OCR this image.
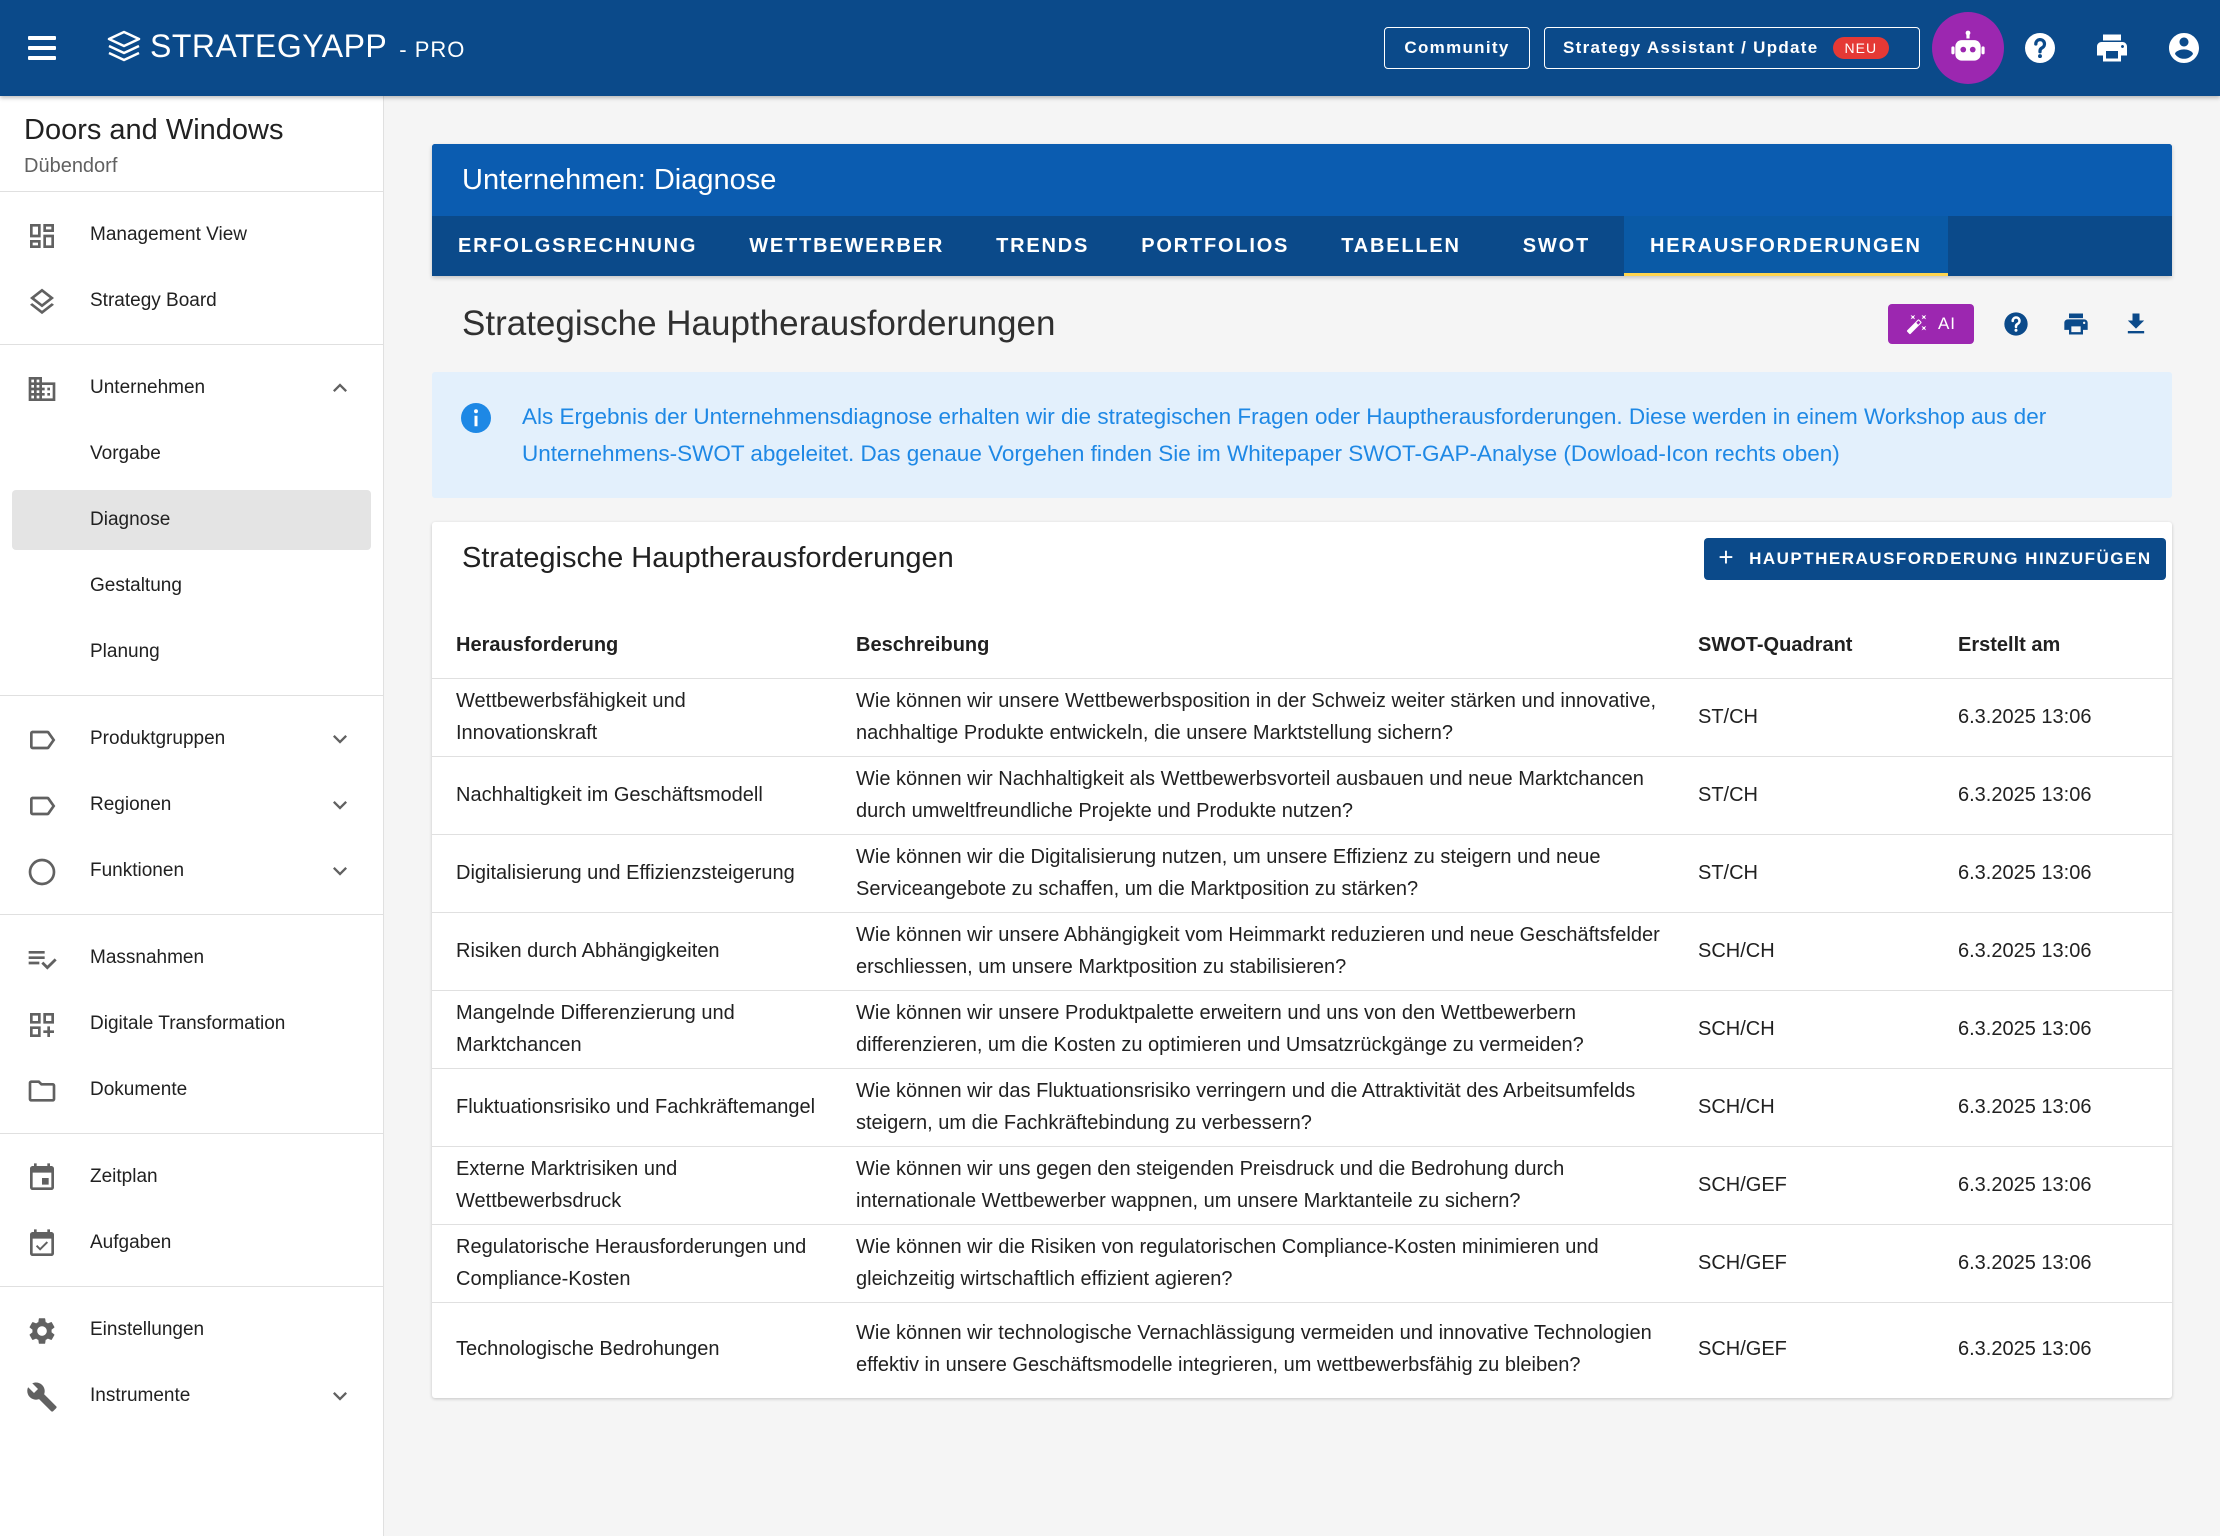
STRATEGYAPP - PRO	Community	Strategy Assistant / Update	NEU
Doors and Windows
Dübendorf
Management View
Strategy Board
Unternehmen
Vorgabe
Diagnose
Gestaltung
Planung
Produktgruppen
Regionen
Funktionen
Massnahmen
Digitale Transformation
Dokumente
Zeitplan
Aufgaben
Einstellungen
Instrumente
Unternehmen: Diagnose
ERFOLGSRECHNUNG	WETTBEWERBER	TRENDS	PORTFOLIOS	TABELLEN	SWOT	HERAUSFORDERUNGEN
Strategische Hauptherausforderungen	AI
Als Ergebnis der Unternehmensdiagnose erhalten wir die strategischen Fragen oder Hauptherausforderungen. Diese werden in einem Workshop aus der Unternehmens-SWOT abgeleitet. Das genaue Vorgehen finden Sie im Whitepaper SWOT-GAP-Analyse (Dowload-Icon rechts oben)
Strategische Hauptherausforderungen	+ HAUPTHERAUSFORDERUNG HINZUFÜGEN
Herausforderung	Beschreibung	SWOT-Quadrant	Erstellt am
Wettbewerbsfähigkeit und Innovationskraft	Wie können wir unsere Wettbewerbsposition in der Schweiz weiter stärken und innovative, nachhaltige Produkte entwickeln, die unsere Marktstellung sichern?	ST/CH	6.3.2025 13:06
Nachhaltigkeit im Geschäftsmodell	Wie können wir Nachhaltigkeit als Wettbewerbsvorteil ausbauen und neue Marktchancen durch umweltfreundliche Projekte und Produkte nutzen?	ST/CH	6.3.2025 13:06
Digitalisierung und Effizienzsteigerung	Wie können wir die Digitalisierung nutzen, um unsere Effizienz zu steigern und neue Serviceangebote zu schaffen, um die Marktposition zu stärken?	ST/CH	6.3.2025 13:06
Risiken durch Abhängigkeiten	Wie können wir unsere Abhängigkeit vom Heimmarkt reduzieren und neue Geschäftsfelder erschliessen, um unsere Marktposition zu stabilisieren?	SCH/CH	6.3.2025 13:06
Mangelnde Differenzierung und Marktchancen	Wie können wir unsere Produktpalette erweitern und uns von den Wettbewerbern differenzieren, um die Kosten zu optimieren und Umsatzrückgänge zu vermeiden?	SCH/CH	6.3.2025 13:06
Fluktuationsrisiko und Fachkräftemangel	Wie können wir das Fluktuationsrisiko verringern und die Attraktivität des Arbeitsumfelds steigern, um die Fachkräftebindung zu verbessern?	SCH/CH	6.3.2025 13:06
Externe Marktrisiken und Wettbewerbsdruck	Wie können wir uns gegen den steigenden Preisdruck und die Bedrohung durch internationale Wettbewerber wappnen, um unsere Marktanteile zu sichern?	SCH/GEF	6.3.2025 13:06
Regulatorische Herausforderungen und Compliance-Kosten	Wie können wir die Risiken von regulatorischen Compliance-Kosten minimieren und gleichzeitig wirtschaftlich effizient agieren?	SCH/GEF	6.3.2025 13:06
Technologische Bedrohungen	Wie können wir technologische Vernachlässigung vermeiden und innovative Technologien effektiv in unsere Geschäftsmodelle integrieren, um wettbewerbsfähig zu bleiben?	SCH/GEF	6.3.2025 13:06
